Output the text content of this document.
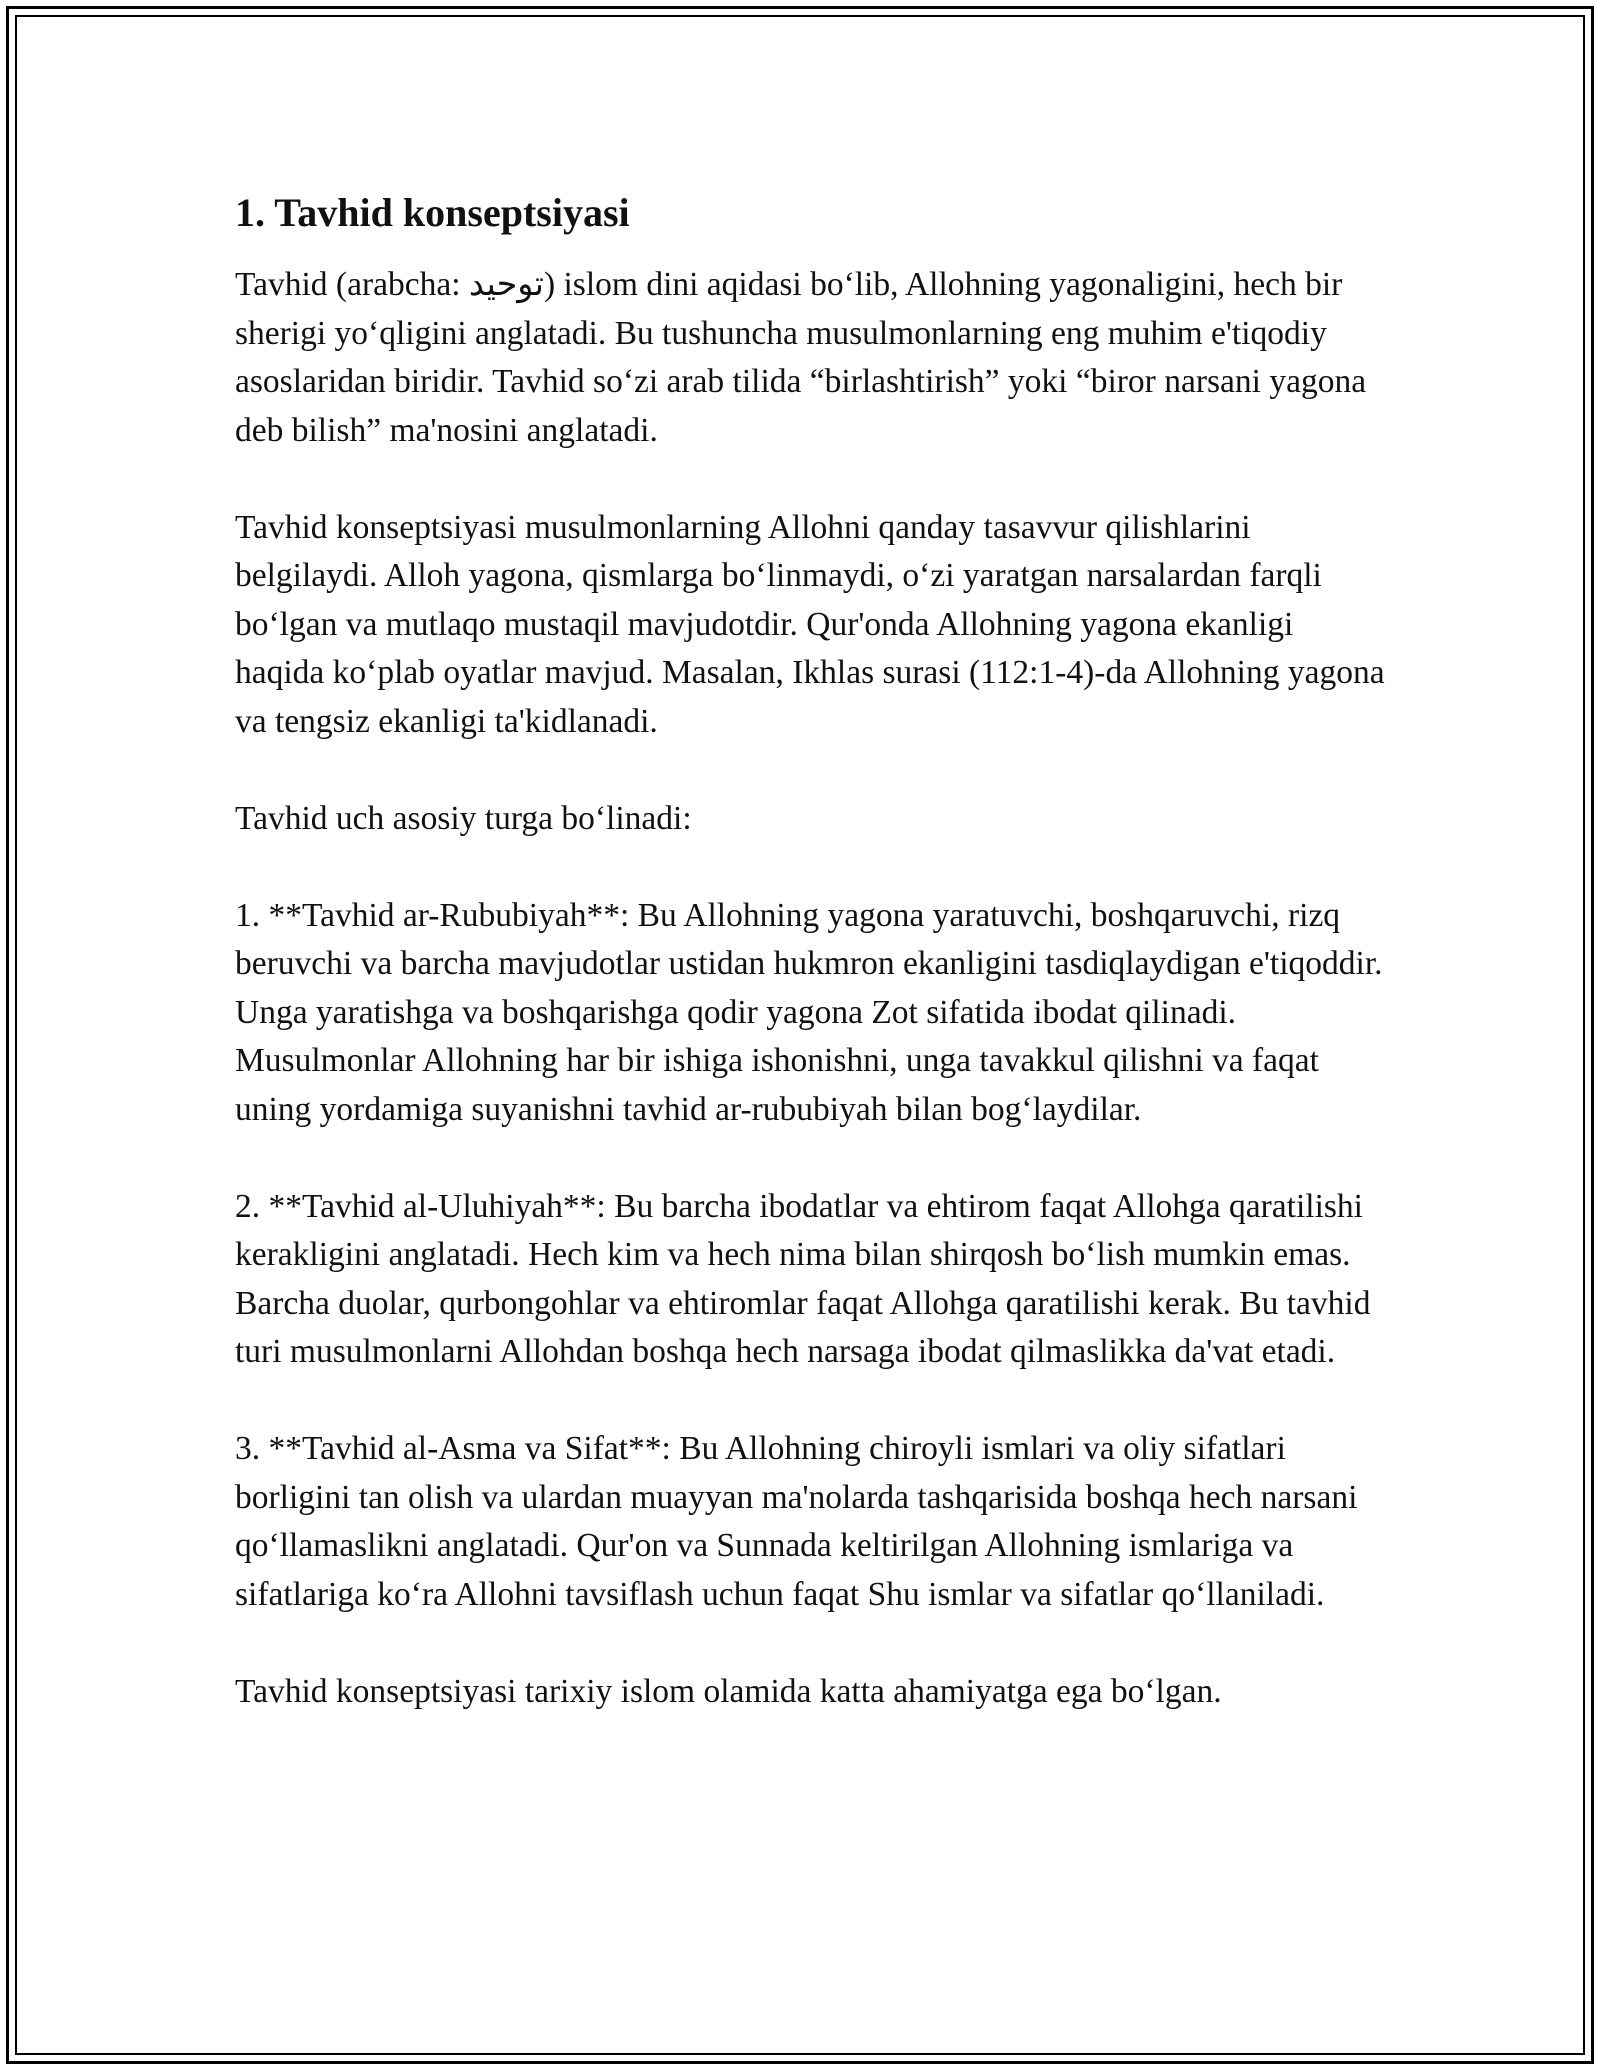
1. Tavhid konseptsiyasi

Tavhid (arabcha: توحيد) islom dini aqidasi bo‘lib, Allohning yagonaligini, hech bir sherigi yo‘qligini anglatadi. Bu tushuncha musulmonlarning eng muhim e'tiqodiy asoslaridan biridir. Tavhid so‘zi arab tilida “birlashtirish” yoki “biror narsani yagona deb bilish” ma'nosini anglatadi.

Tavhid konseptsiyasi musulmonlarning Allohni qanday tasavvur qilishlarini belgilaydi. Alloh yagona, qismlarga bo‘linmaydi, o‘zi yaratgan narsalardan farqli bo‘lgan va mutlaqo mustaqil mavjudotdir. Qur'onda Allohning yagona ekanligi haqida ko‘plab oyatlar mavjud. Masalan, Ikhlas surasi (112:1-4)-da Allohning yagona va tengsiz ekanligi ta'kidlanadi.

Tavhid uch asosiy turga bo‘linadi:

1. **Tavhid ar-Rububiyah**: Bu Allohning yagona yaratuvchi, boshqaruvchi, rizq beruvchi va barcha mavjudotlar ustidan hukmron ekanligini tasdiqlaydigan e'tiqoddir. Unga yaratishga va boshqarishga qodir yagona Zot sifatida ibodat qilinadi. Musulmonlar Allohning har bir ishiga ishonishni, unga tavakkul qilishni va faqat uning yordamiga suyanishni tavhid ar-rububiyah bilan bog‘laydilar.

2. **Tavhid al-Uluhiyah**: Bu barcha ibodatlar va ehtirom faqat Allohga qaratilishi kerakligini anglatadi. Hech kim va hech nima bilan shirqosh bo‘lish mumkin emas. Barcha duolar, qurbongohlar va ehtiromlar faqat Allohga qaratilishi kerak. Bu tavhid turi musulmonlarni Allohdan boshqa hech narsaga ibodat qilmaslikka da'vat etadi.

3. **Tavhid al-Asma va Sifat**: Bu Allohning chiroyli ismlari va oliy sifatlari borligini tan olish va ulardan muayyan ma'nolarda tashqarisida boshqa hech narsani qo‘llamaslikni anglatadi. Qur'on va Sunnada keltirilgan Allohning ismlariga va sifatlariga ko‘ra Allohni tavsiflash uchun faqat Shu ismlar va sifatlar qo‘llaniladi.

Tavhid konseptsiyasi tarixiy islom olamida katta ahamiyatga ega bo‘lgan.
